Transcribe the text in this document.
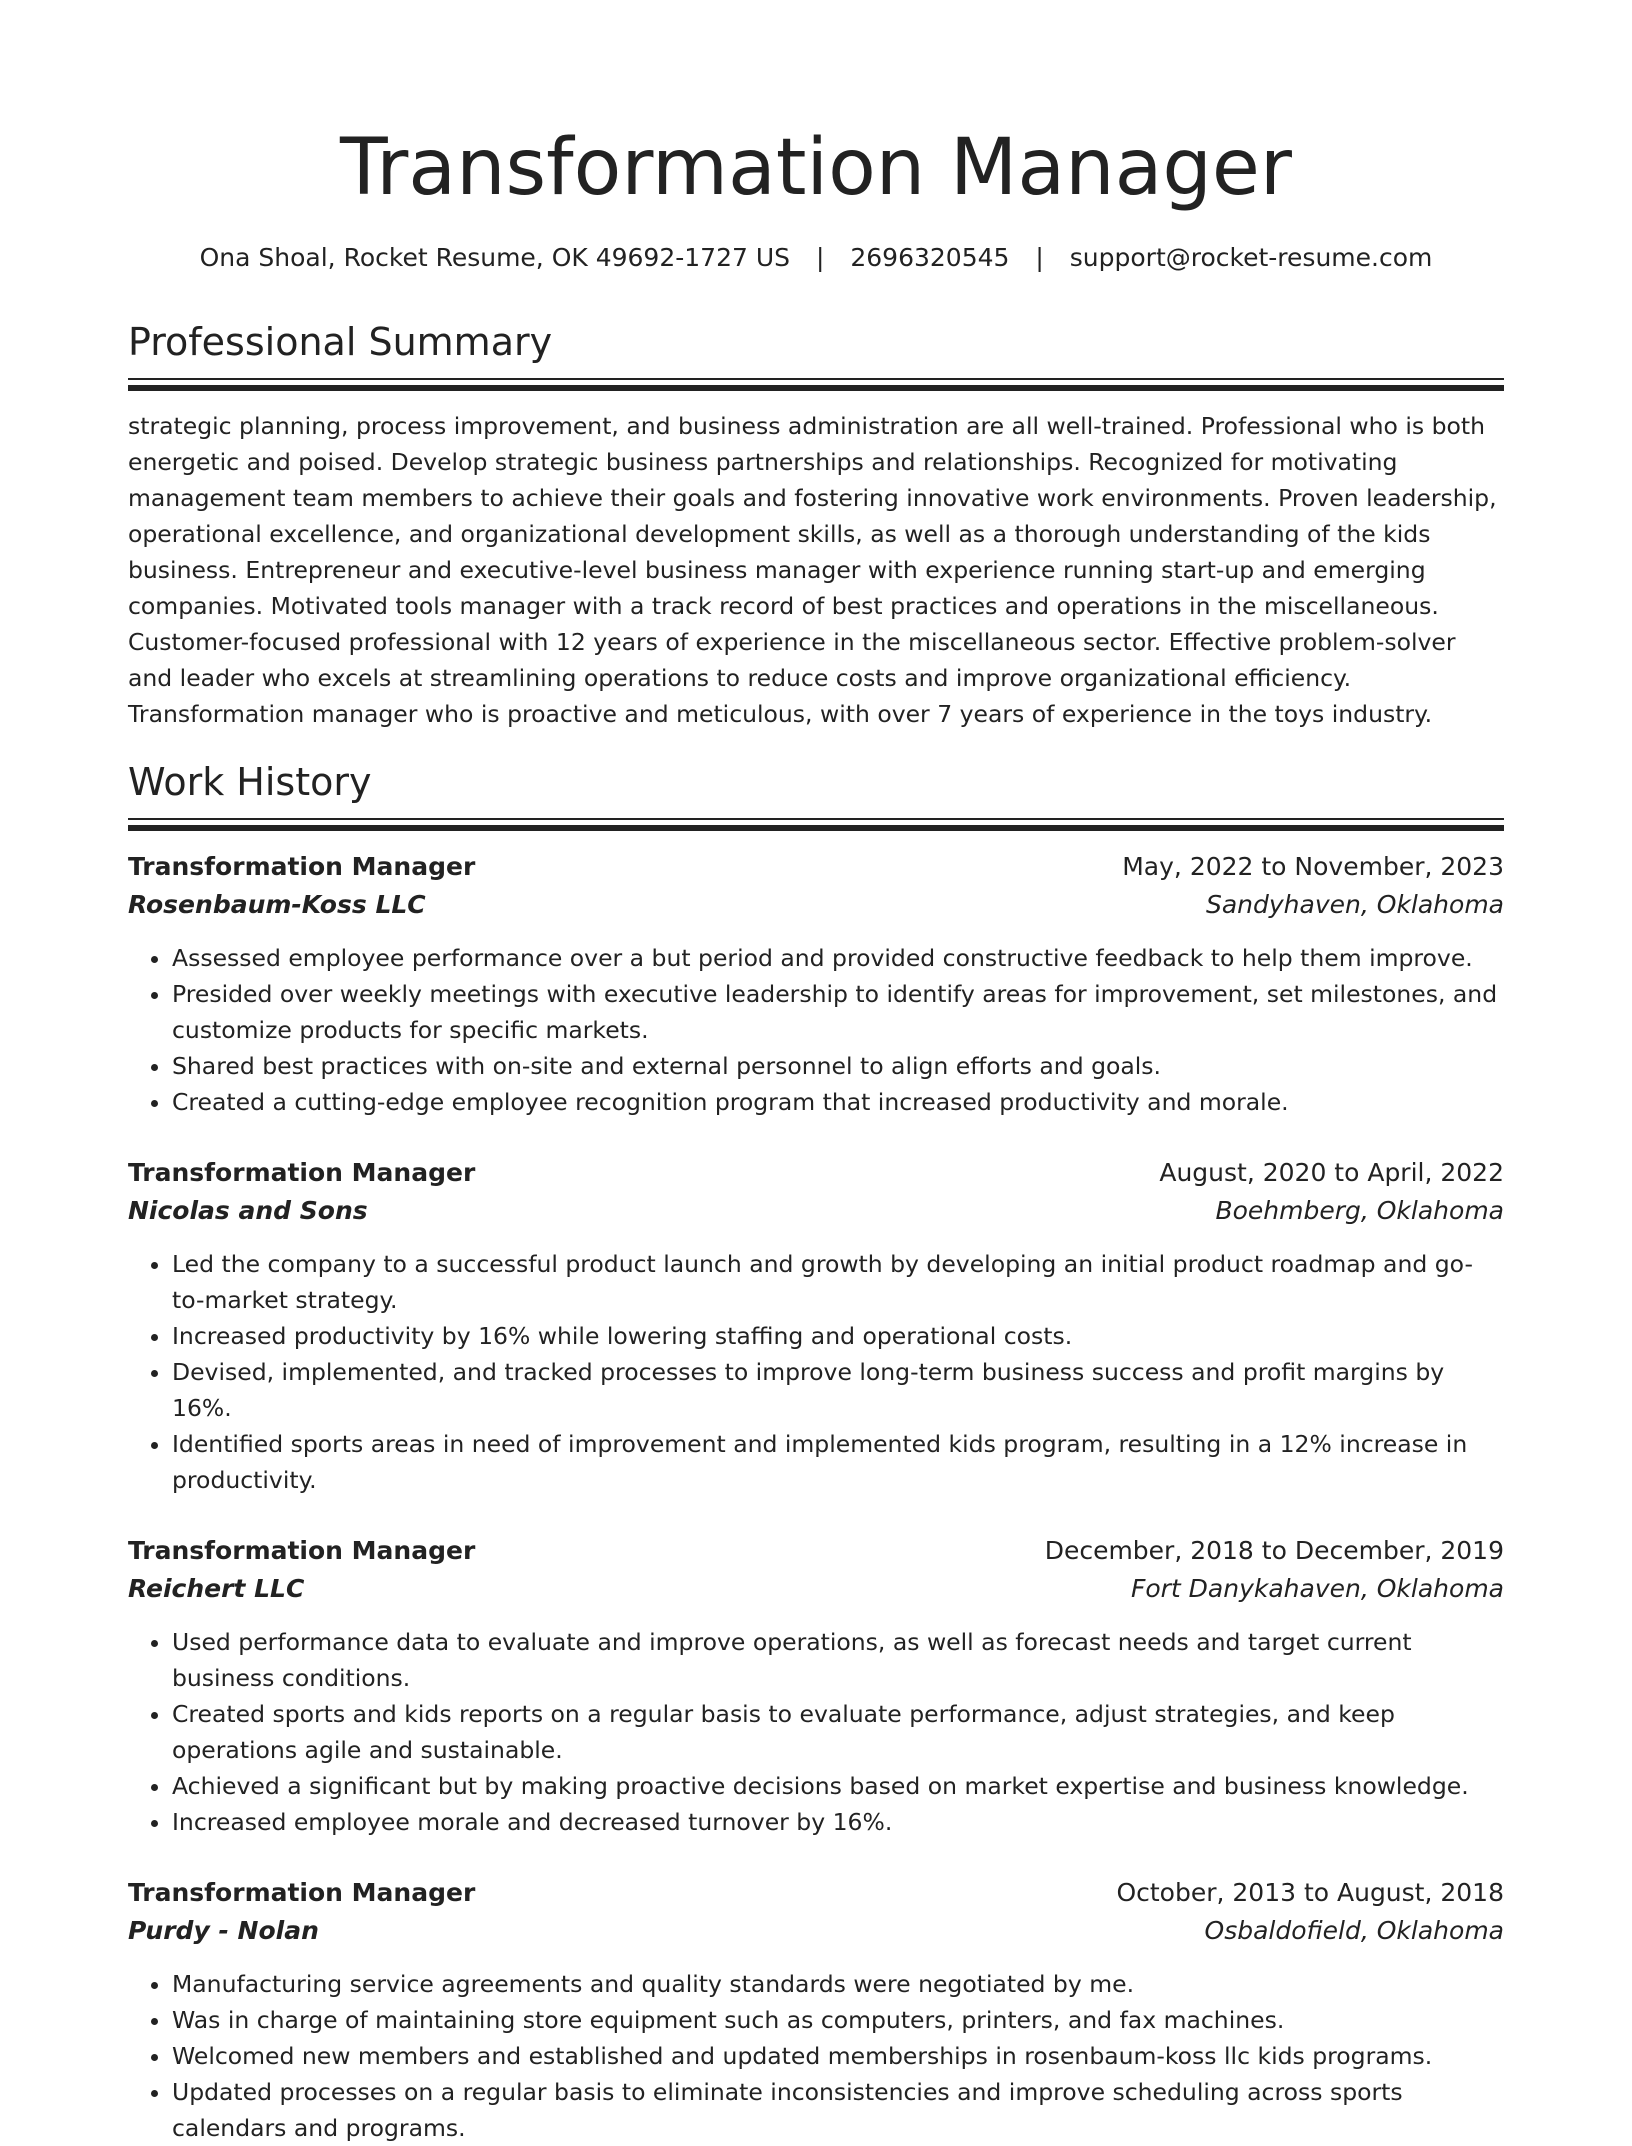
Transformation Manager
Ona Shoal, Rocket Resume, OK 49692-1727 US | 2696320545 | support@rocket-resume.com
Professional Summary

strategic planning, process improvement, and business administration are all well-trained. Professional who is both energetic and poised. Develop strategic business partnerships and relationships. Recognized for motivating management team members to achieve their goals and fostering innovative work environments. Proven leadership, operational excellence, and organizational development skills, as well as a thorough understanding of the kids business. Entrepreneur and executive-level business manager with experience running start-up and emerging companies. Motivated tools manager with a track record of best practices and operations in the miscellaneous. Customer-focused professional with 12 years of experience in the miscellaneous sector. Effective problem-solver and leader who excels at streamlining operations to reduce costs and improve organizational efficiency. Transformation manager who is proactive and meticulous, with over 7 years of experience in the toys industry.

Work History
Transformation Manager	May, 2022 to November, 2023
Rosenbaum-Koss LLC	Sandyhaven, Oklahoma
• Assessed employee performance over a but period and provided constructive feedback to help them improve.
• Presided over weekly meetings with executive leadership to identify areas for improvement, set milestones, and customize products for specific markets.
• Shared best practices with on-site and external personnel to align efforts and goals.
• Created a cutting-edge employee recognition program that increased productivity and morale.
Transformation Manager	August, 2020 to April, 2022
Nicolas and Sons	Boehmberg, Oklahoma
• Led the company to a successful product launch and growth by developing an initial product roadmap and go-to-market strategy.
• Increased productivity by 16% while lowering staffing and operational costs.
• Devised, implemented, and tracked processes to improve long-term business success and profit margins by 16%.
• Identified sports areas in need of improvement and implemented kids program, resulting in a 12% increase in productivity.
Transformation Manager	December, 2018 to December, 2019
Reichert LLC	Fort Danykahaven, Oklahoma
• Used performance data to evaluate and improve operations, as well as forecast needs and target current business conditions.
• Created sports and kids reports on a regular basis to evaluate performance, adjust strategies, and keep operations agile and sustainable.
• Achieved a significant but by making proactive decisions based on market expertise and business knowledge.
• Increased employee morale and decreased turnover by 16%.
Transformation Manager	October, 2013 to August, 2018
Purdy - Nolan	Osbaldofield, Oklahoma
• Manufacturing service agreements and quality standards were negotiated by me.
• Was in charge of maintaining store equipment such as computers, printers, and fax machines.
• Welcomed new members and established and updated memberships in rosenbaum-koss llc kids programs.
• Updated processes on a regular basis to eliminate inconsistencies and improve scheduling across sports calendars and programs.
